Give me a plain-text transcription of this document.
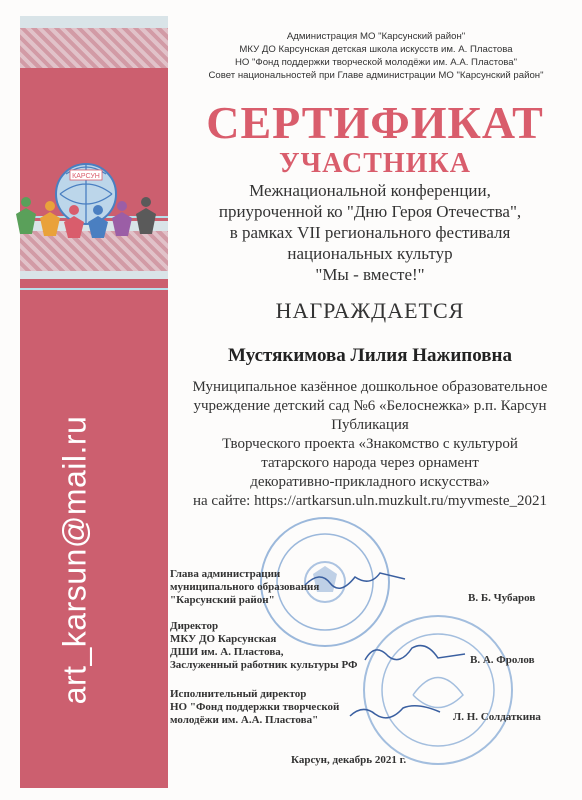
КАРСУН
art_karsun@mail.ru
Администрация МО "Карсунский район"
МКУ ДО Карсунская детская школа искусств им. А. Пластова
НО "Фонд поддержки творческой молодёжи им. А.А. Пластова"
Совет национальностей при Главе администрации МО "Карсунский район"
СЕРТИФИКАТ
УЧАСТНИКА
Межнациональной конференции,
приуроченной ко "Дню Героя Отечества",
в рамках VII регионального фестиваля
национальных культур
"Мы - вместе!"
НАГРАЖДАЕТСЯ
Мустякимова Лилия Нажиповна
Муниципальное казённое дошкольное образовательное
учреждение детский сад №6 «Белоснежка» р.п. Карсун
Публикация
Творческого проекта «Знакомство с культурой
татарского народа через орнамент
декоративно-прикладного искусства»
на сайте: https://artkarsun.uln.muzkult.ru/myvmeste_2021
Глава администрации
муниципального образования
"Карсунский район"	В. Б. Чубаров
Директор
МКУ ДО Карсунская
ДШИ им. А. Пластова,
Заслуженный работник культуры РФ	В. А. Фролов
Исполнительный директор
НО "Фонд поддержки творческой
молодёжи им. А.А. Пластова"	Л. Н. Солдаткина
Карсун, декабрь 2021 г.
